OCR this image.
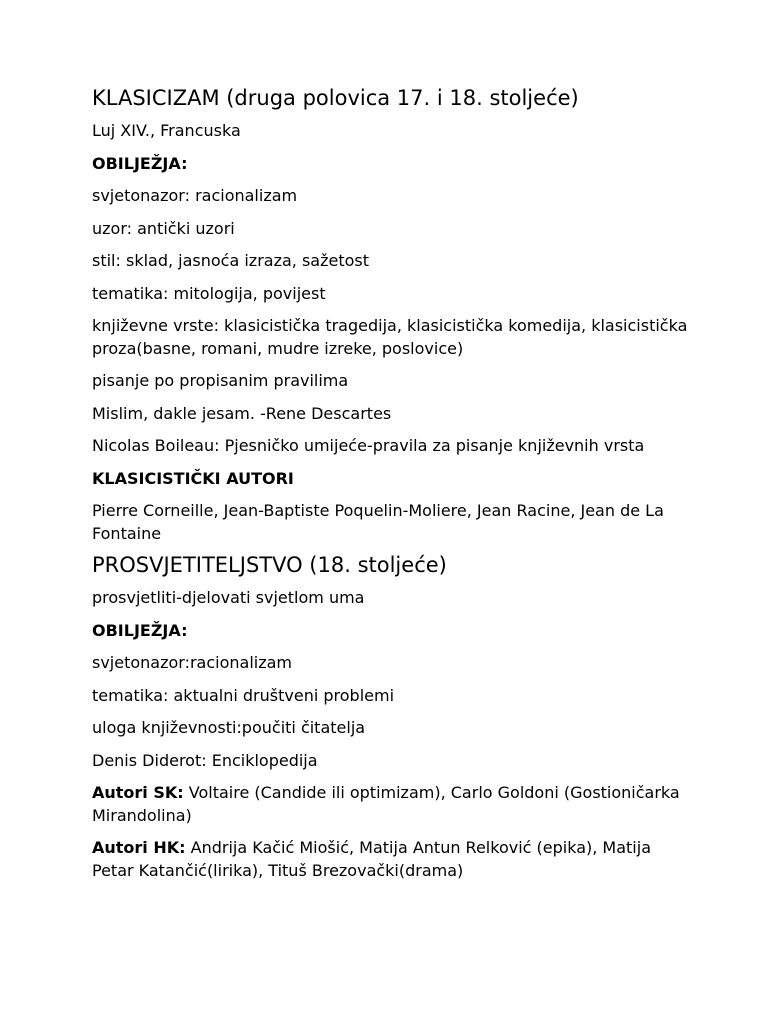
KLASICIZAM (druga polovica 17. i 18. stoljeće)
Luj XIV., Francuska
OBILJEŽJA:
svjetonazor: racionalizam
uzor: antički uzori
stil: sklad, jasnoća izraza, sažetost
tematika: mitologija, povijest
književne vrste: klasicistička tragedija, klasicistička komedija, klasicistička proza(basne, romani, mudre izreke, poslovice)
pisanje po propisanim pravilima
Mislim, dakle jesam. -Rene Descartes
Nicolas Boileau: Pjesničko umijeće-pravila za pisanje književnih vrsta
KLASICISTIČKI AUTORI
Pierre Corneille, Jean-Baptiste Poquelin-Moliere, Jean Racine, Jean de La Fontaine
PROSVJETITELJSTVO (18. stoljeće)
prosvjetliti-djelovati svjetlom uma
OBILJEŽJA:
svjetonazor:racionalizam
tematika: aktualni društveni problemi
uloga književnosti:poučiti čitatelja
Denis Diderot: Enciklopedija
Autori SK: Voltaire (Candide ili optimizam), Carlo Goldoni (Gostioničarka Mirandolina)
Autori HK: Andrija Kačić Miošić, Matija Antun Relković (epika), Matija Petar Katančić(lirika), Tituš Brezovački(drama)
